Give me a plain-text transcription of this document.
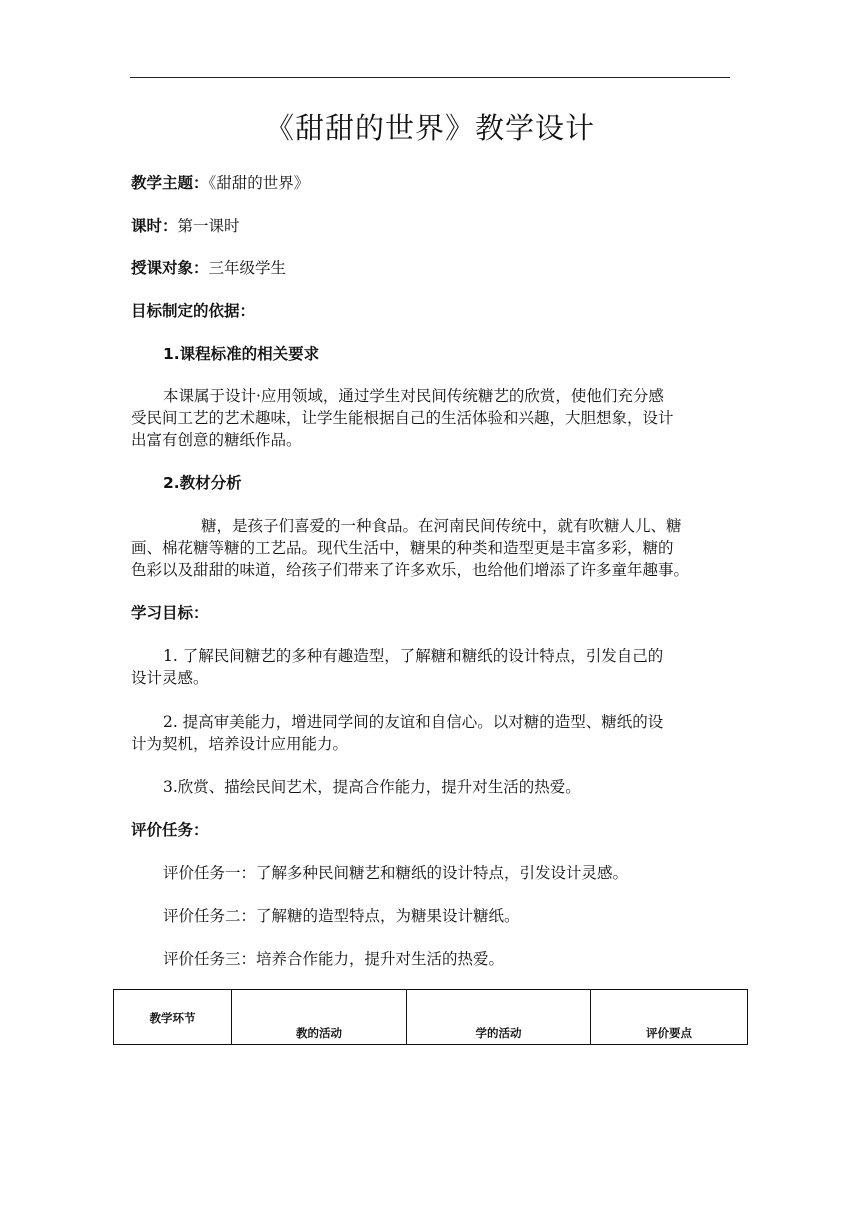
《甜甜的世界》教学设计
教学主题：《甜甜的世界》
课时：第一课时
授课对象：三年级学生
目标制定的依据：
1.课程标准的相关要求

本课属于设计·应用领域，通过学生对民间传统糖艺的欣赏，使他们充分感

受民间工艺的艺术趣味，让学生能根据自己的生活体验和兴趣，大胆想象，设计

出富有创意的糖纸作品。

2.教材分析

糖，是孩子们喜爱的一种食品。在河南民间传统中，就有吹糖人儿、糖

画、棉花糖等糖的工艺品。现代生活中，糖果的种类和造型更是丰富多彩，糖的

色彩以及甜甜的味道，给孩子们带来了许多欢乐，也给他们增添了许多童年趣事。

学习目标：

1. 了解民间糖艺的多种有趣造型，了解糖和糖纸的设计特点，引发自己的

设计灵感。

2. 提高审美能力，增进同学间的友谊和自信心。以对糖的造型、糖纸的设

计为契机，培养设计应用能力。

3.欣赏、描绘民间艺术，提高合作能力，提升对生活的热爱。

评价任务：
评价任务一：了解多种民间糖艺和糖纸的设计特点，引发设计灵感。
评价任务二：了解糖的造型特点，为糖果设计糖纸。
评价任务三：培养合作能力，提升对生活的热爱。
教学环节	教的活动	学的活动	评价要点
